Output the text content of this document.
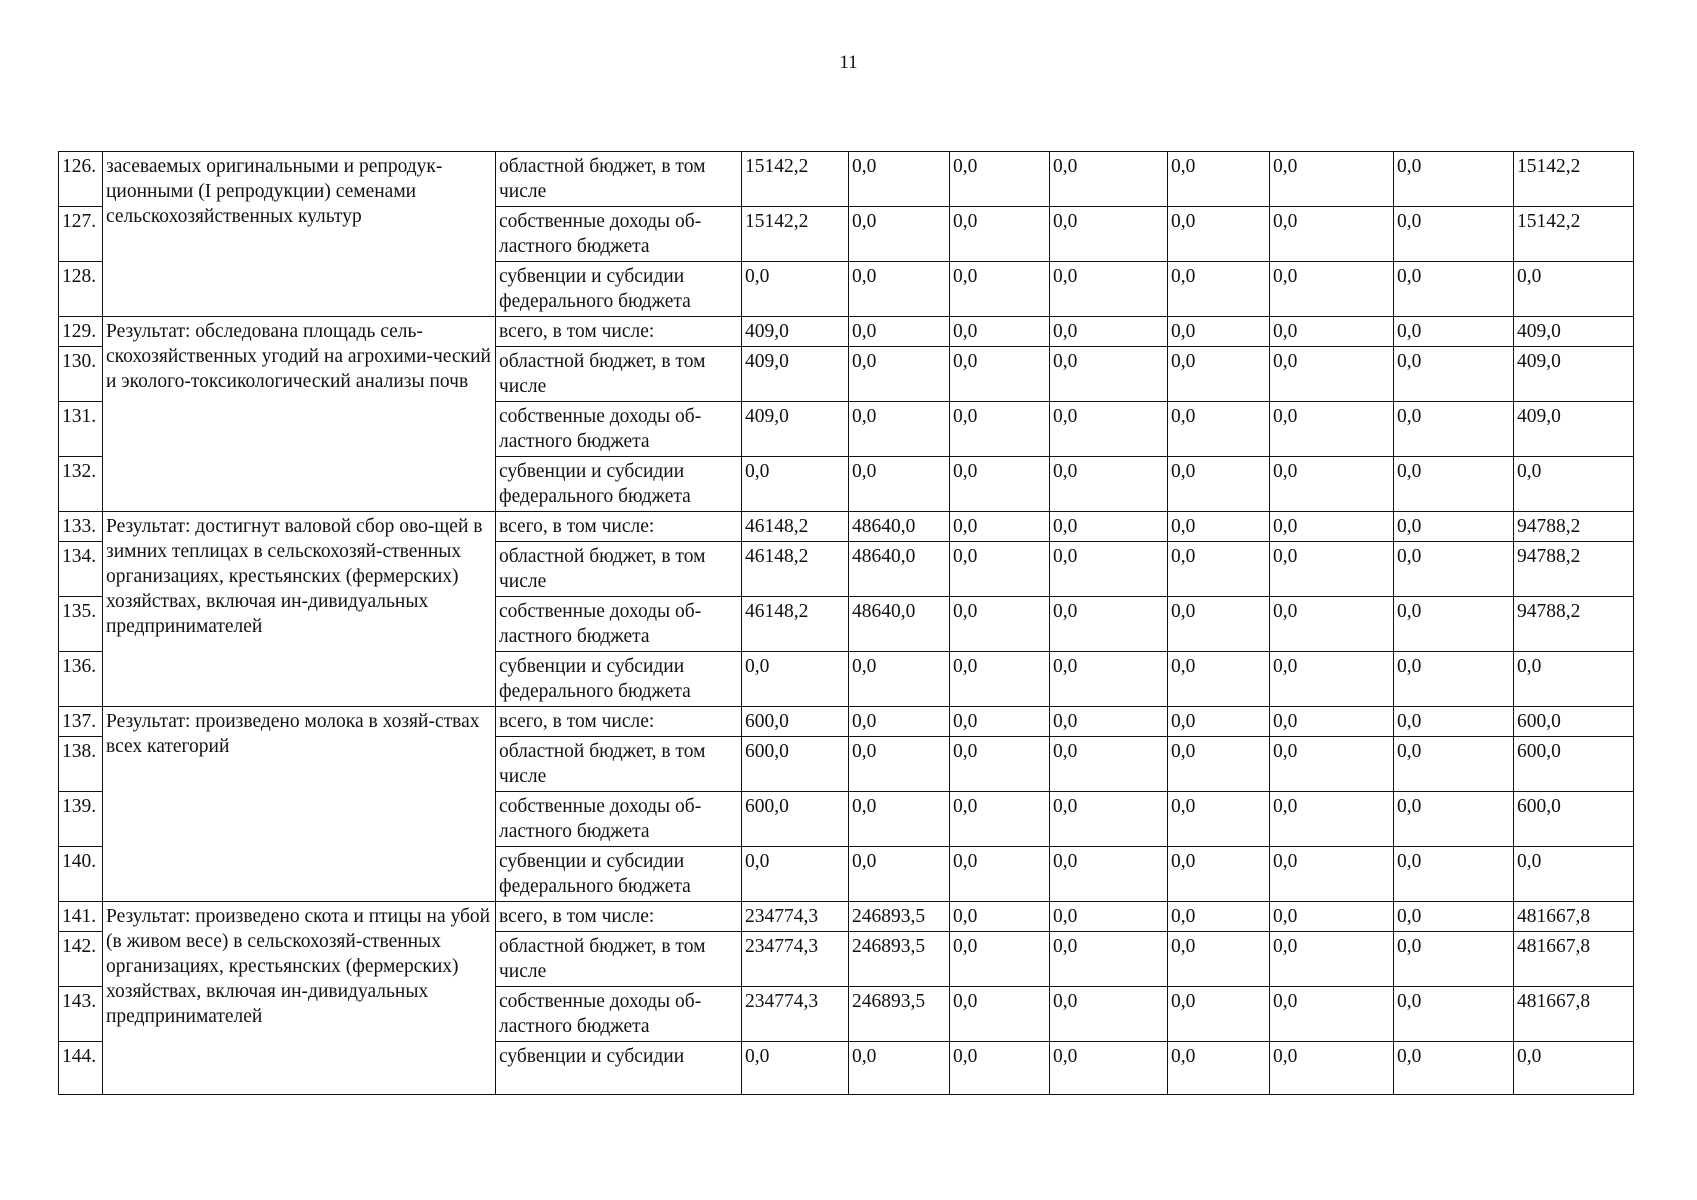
11
126.	засеваемых оригинальными и репродук-ционными (I репродукции) семенами сельскохозяйственных культур	областной бюджет, в том числе	15142,2	0,0	0,0	0,0	0,0	0,0	0,0	15142,2
127.		собственные доходы об-ластного бюджета	15142,2	0,0	0,0	0,0	0,0	0,0	0,0	15142,2
128.		субвенции и субсидии федерального бюджета	0,0	0,0	0,0	0,0	0,0	0,0	0,0	0,0
129.	Результат: обследована площадь сель-скохозяйственных угодий на агрохими-ческий и эколого-токсикологический анализы почв	всего, в том числе:	409,0	0,0	0,0	0,0	0,0	0,0	0,0	409,0
130.		областной бюджет, в том числе	409,0	0,0	0,0	0,0	0,0	0,0	0,0	409,0
131.		собственные доходы об-ластного бюджета	409,0	0,0	0,0	0,0	0,0	0,0	0,0	409,0
132.		субвенции и субсидии федерального бюджета	0,0	0,0	0,0	0,0	0,0	0,0	0,0	0,0
133.	Результат: достигнут валовой сбор ово-щей в зимних теплицах в сельскохозяй-ственных организациях, крестьянских (фермерских) хозяйствах, включая ин-дивидуальных предпринимателей	всего, в том числе:	46148,2	48640,0	0,0	0,0	0,0	0,0	0,0	94788,2
134.		областной бюджет, в том числе	46148,2	48640,0	0,0	0,0	0,0	0,0	0,0	94788,2
135.		собственные доходы об-ластного бюджета	46148,2	48640,0	0,0	0,0	0,0	0,0	0,0	94788,2
136.		субвенции и субсидии федерального бюджета	0,0	0,0	0,0	0,0	0,0	0,0	0,0	0,0
137.	Результат: произведено молока в хозяй-ствах всех категорий	всего, в том числе:	600,0	0,0	0,0	0,0	0,0	0,0	0,0	600,0
138.		областной бюджет, в том числе	600,0	0,0	0,0	0,0	0,0	0,0	0,0	600,0
139.		собственные доходы об-ластного бюджета	600,0	0,0	0,0	0,0	0,0	0,0	0,0	600,0
140.		субвенции и субсидии федерального бюджета	0,0	0,0	0,0	0,0	0,0	0,0	0,0	0,0
141.	Результат: произведено скота и птицы на убой (в живом весе) в сельскохозяй-ственных организациях, крестьянских (фермерских) хозяйствах, включая ин-дивидуальных предпринимателей	всего, в том числе:	234774,3	246893,5	0,0	0,0	0,0	0,0	0,0	481667,8
142.		областной бюджет, в том числе	234774,3	246893,5	0,0	0,0	0,0	0,0	0,0	481667,8
143.		собственные доходы об-ластного бюджета	234774,3	246893,5	0,0	0,0	0,0	0,0	0,0	481667,8
144.		субвенции и субсидии	0,0	0,0	0,0	0,0	0,0	0,0	0,0	0,0
